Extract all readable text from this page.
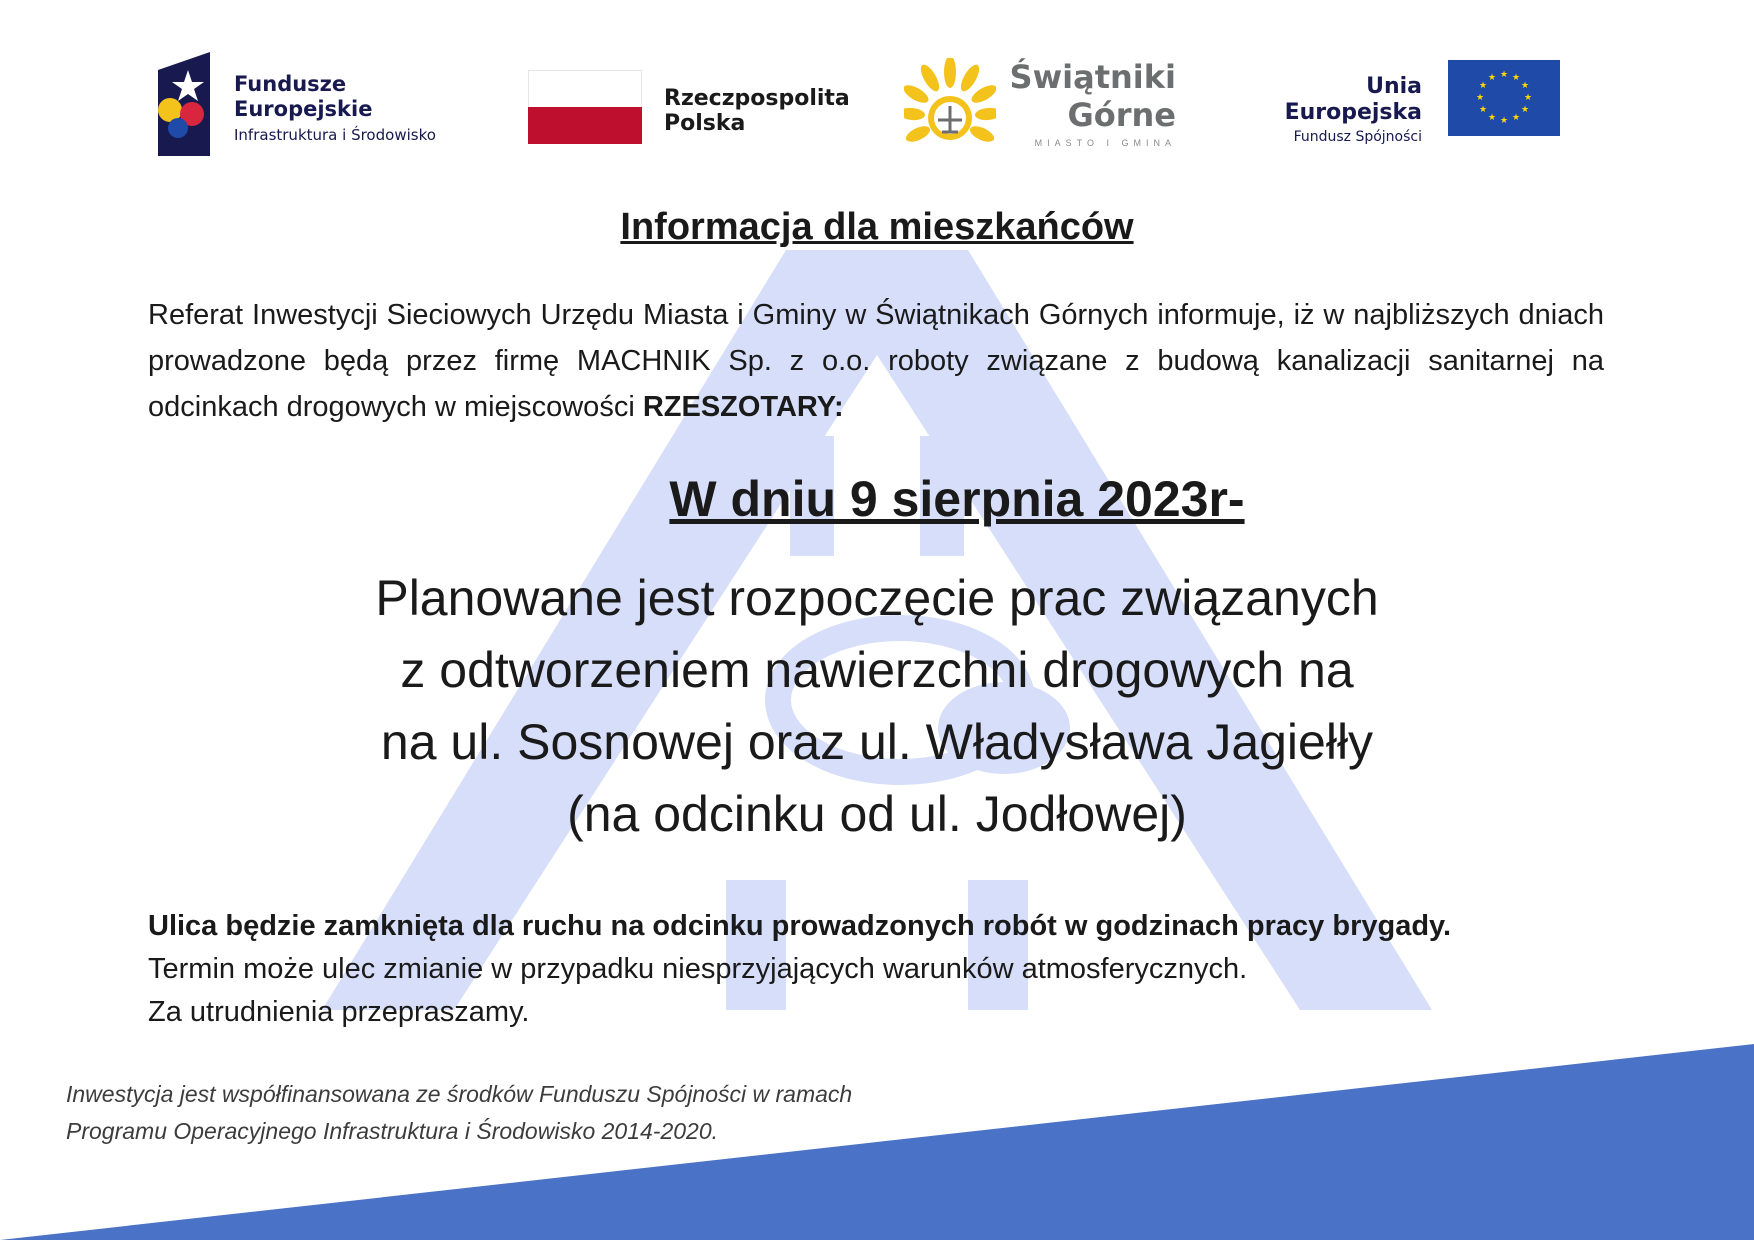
Fundusze
Europejskie
Infrastruktura i Środowisko
Rzeczpospolita
Polska
Świątniki
Górne
MIASTO I GMINA
Unia Europejska
Fundusz Spójności
★ ★
★
★
★
★
★
★
★
★
★
★
Informacja dla mieszkańców

Referat Inwestycji Sieciowych Urzędu Miasta i Gminy w Świątnikach Górnych informuje, iż w najbliższych dniach prowadzone będą przez firmę MACHNIK Sp. z o.o. roboty związane z budową kanalizacji sanitarnej na odcinkach drogowych w miejscowości RZESZOTARY:

W dniu 9 sierpnia 2023r-
Planowane jest rozpoczęcie prac związanych
z odtworzeniem nawierzchni drogowych na
na ul. Sosnowej oraz ul. Władysława Jagiełły
(na odcinku od ul. Jodłowej)
Ulica będzie zamknięta dla ruchu na odcinku prowadzonych robót w godzinach pracy brygady.
Termin może ulec zmianie w przypadku niesprzyjających warunków atmosferycznych.
Za utrudnienia przepraszamy.
Inwestycja jest współfinansowana ze środków Funduszu Spójności w ramach
Programu Operacyjnego Infrastruktura i Środowisko 2014-2020.
